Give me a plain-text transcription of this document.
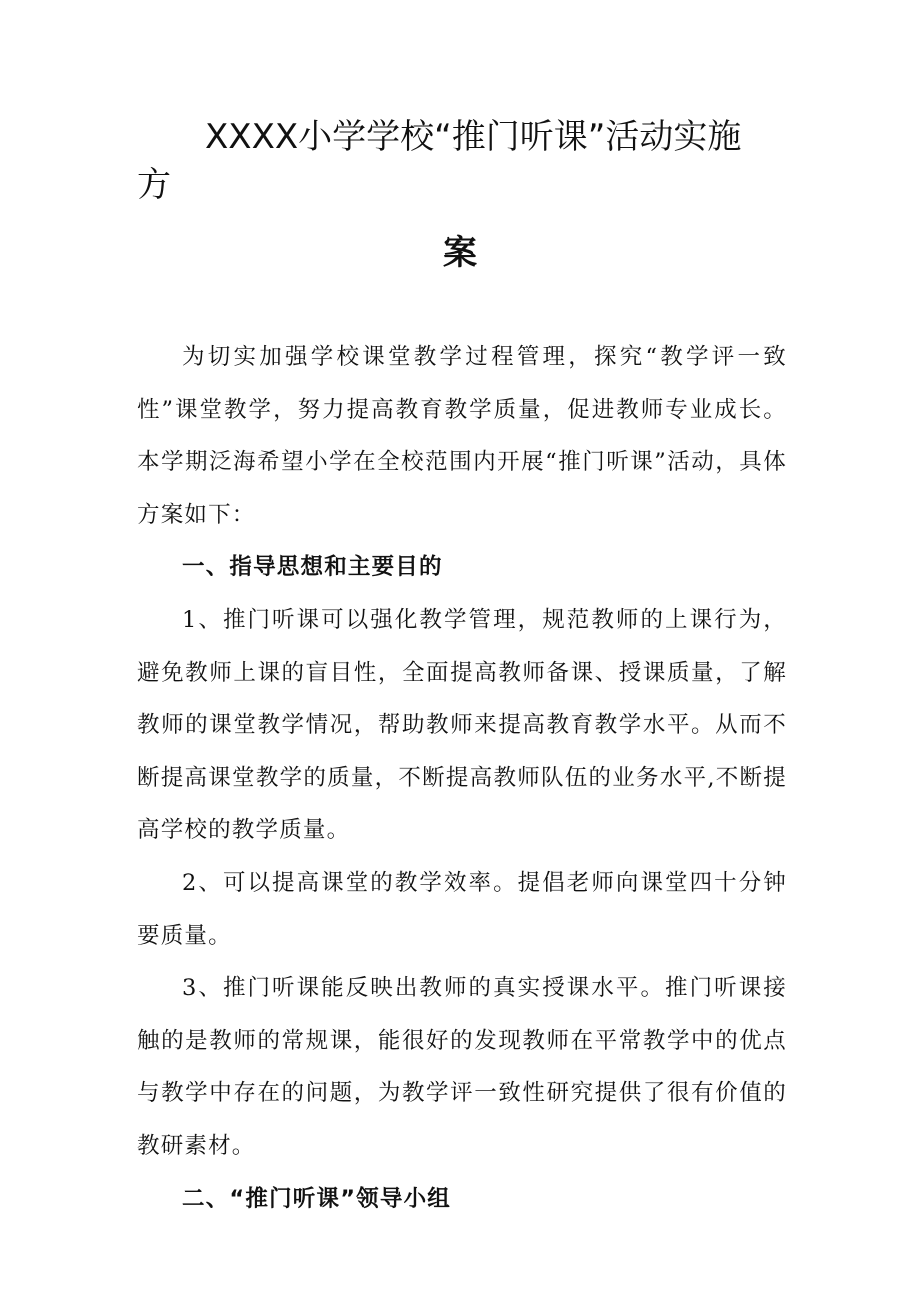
XXXX小学学校“推门听课”活动实施
方
案

为切实加强学校课堂教学过程管理，探究“教学评一致性”课堂教学，努力提高教育教学质量，促进教师专业成长。本学期泛海希望小学在全校范围内开展“推门听课”活动，具体方案如下：

一、指导思想和主要目的

1、推门听课可以强化教学管理，规范教师的上课行为，避免教师上课的盲目性，全面提高教师备课、授课质量，了解教师的课堂教学情况，帮助教师来提高教育教学水平。从而不断提高课堂教学的质量，不断提高教师队伍的业务水平,不断提高学校的教学质量。

2、可以提高课堂的教学效率。提倡老师向课堂四十分钟要质量。

3、推门听课能反映出教师的真实授课水平。推门听课接触的是教师的常规课，能很好的发现教师在平常教学中的优点与教学中存在的问题，为教学评一致性研究提供了很有价值的教研素材。

二、“推门听课”领导小组
